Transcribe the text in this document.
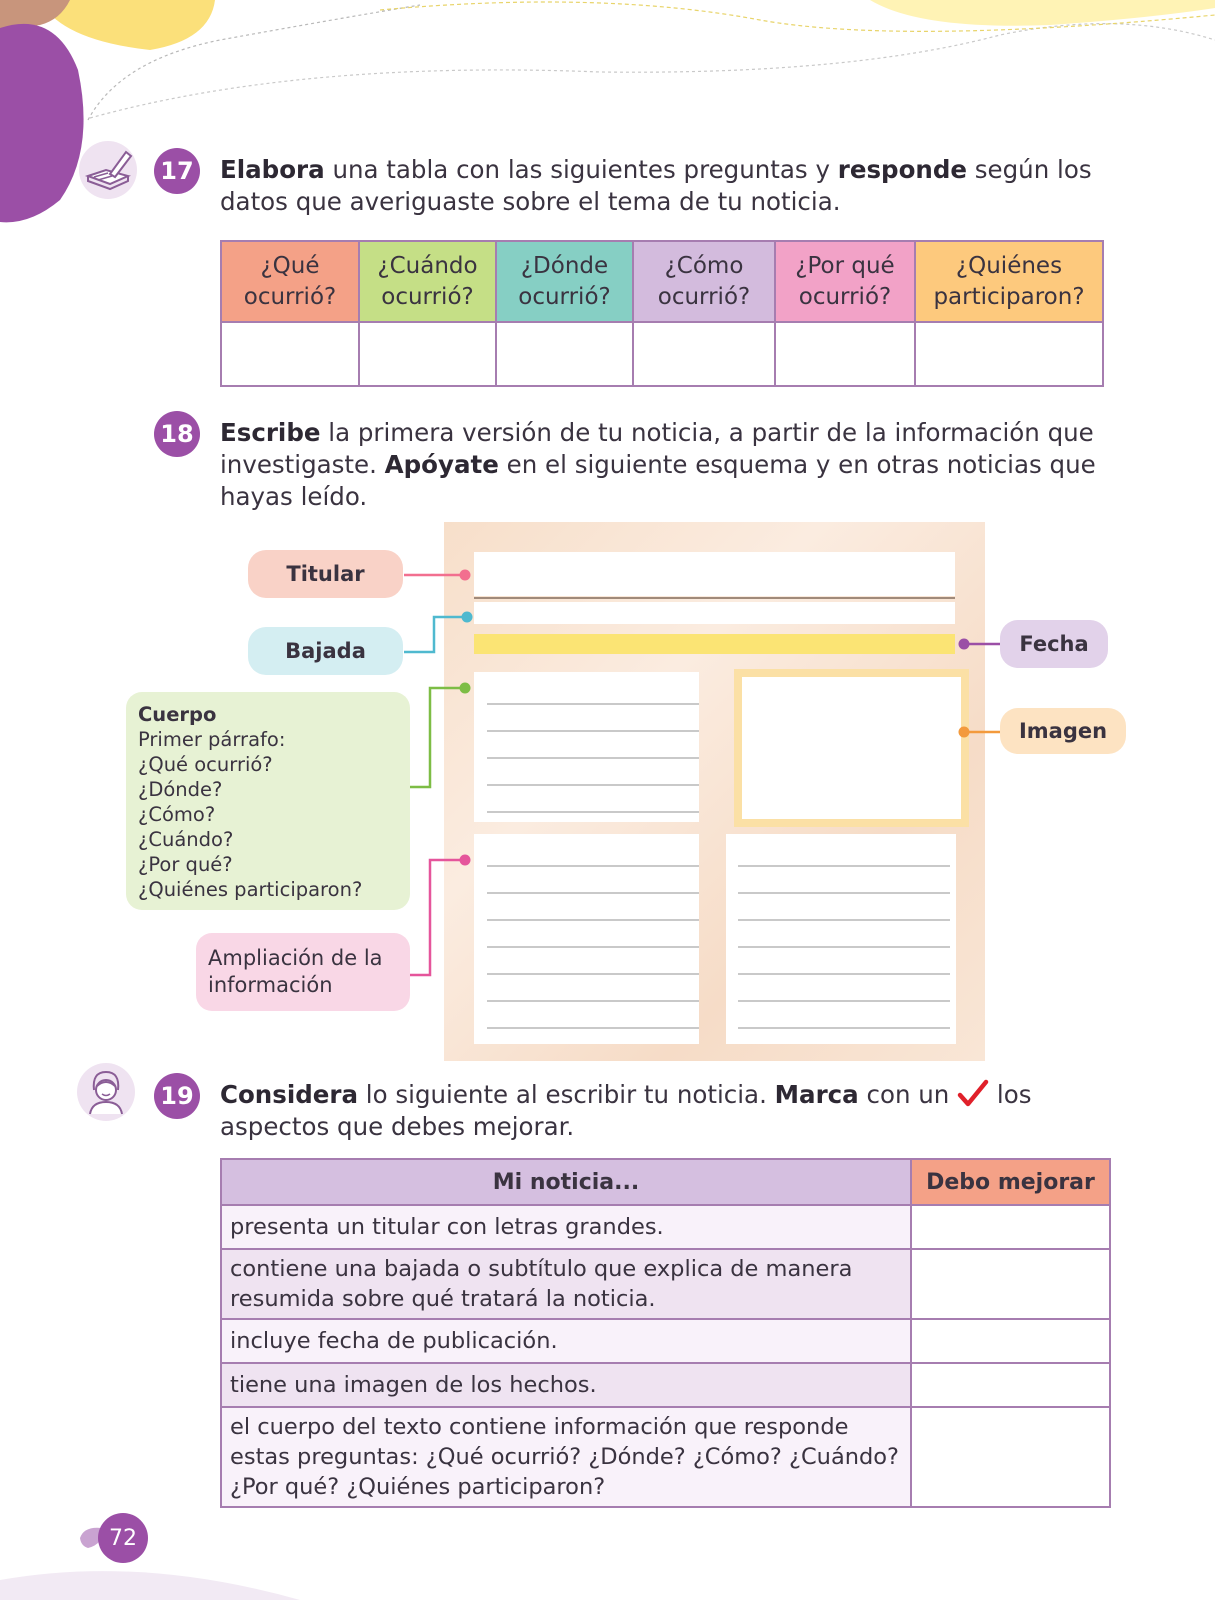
17 Elabora una tabla con las siguientes preguntas y responde según los datos que averiguaste sobre el tema de tu noticia.
¿Qué ocurrió?	¿Cuándo ocurrió?	¿Dónde ocurrió?	¿Cómo ocurrió?	¿Por qué ocurrió?	¿Quiénes participaron?

18 Escribe la primera versión de tu noticia, a partir de la información que investigaste. Apóyate en el siguiente esquema y en otras noticias que hayas leído.
Titular
Bajada	Fecha
Imagen
Cuerpo
Primer párrafo:
¿Qué ocurrió?
¿Dónde?
¿Cómo?
¿Cuándo?
¿Por qué?
¿Quiénes participaron?
Ampliación de la información
19 Considera lo siguiente al escribir tu noticia. Marca con un  los aspectos que debes mejorar.
Mi noticia...	Debo mejorar
presenta un titular con letras grandes.	
contiene una bajada o subtítulo que explica de manera resumida sobre qué tratará la noticia.	
incluye fecha de publicación.	
tiene una imagen de los hechos.	
el cuerpo del texto contiene información que responde estas preguntas: ¿Qué ocurrió? ¿Dónde? ¿Cómo? ¿Cuándo? ¿Por qué? ¿Quiénes participaron?	
72
